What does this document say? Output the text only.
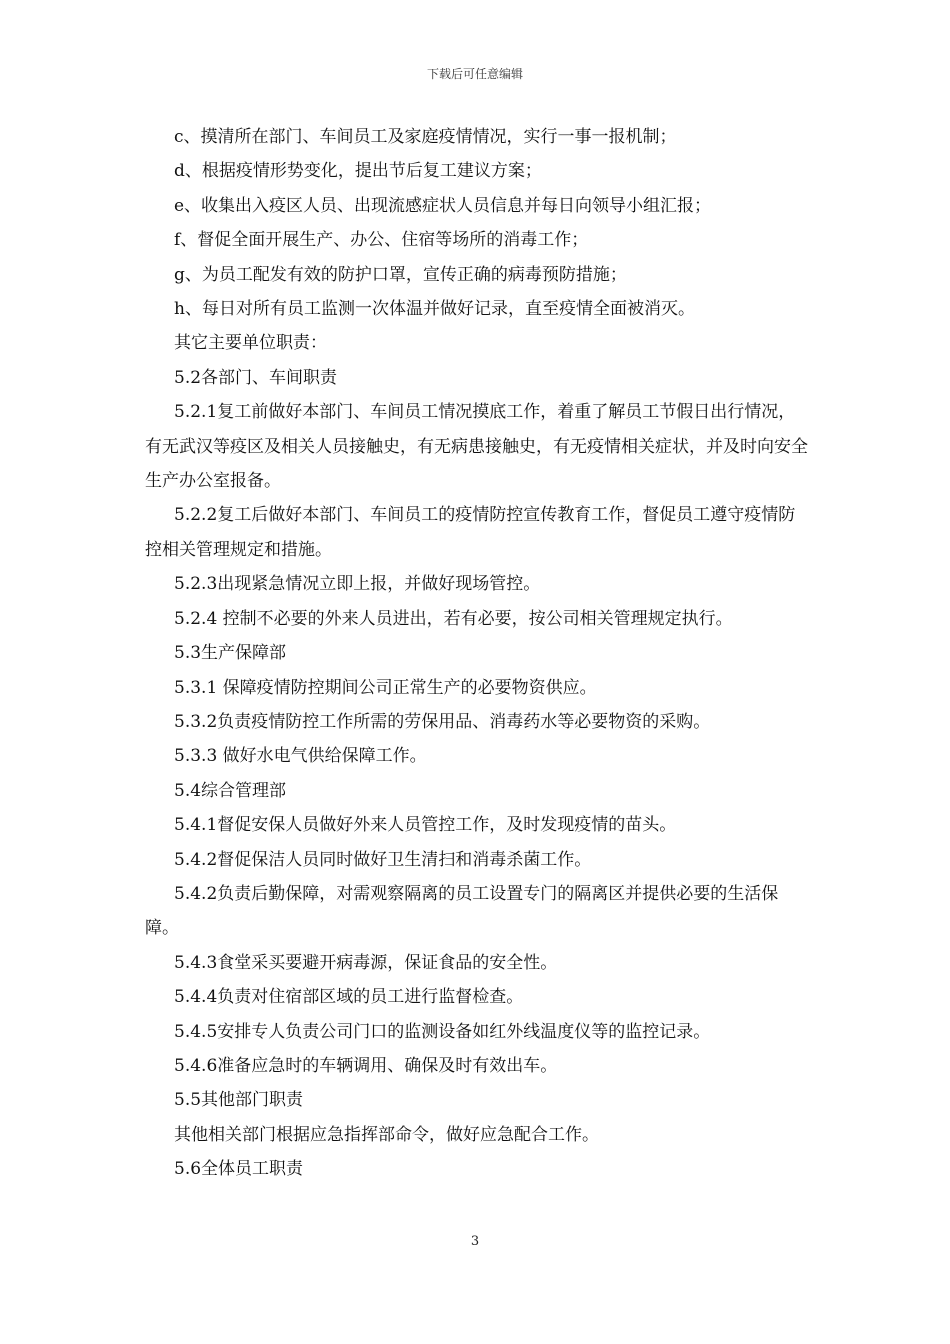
下载后可任意编辑

c、摸清所在部门、车间员工及家庭疫情情况，实行一事一报机制；

d、根据疫情形势变化，提出节后复工建议方案；

e、收集出入疫区人员、出现流感症状人员信息并每日向领导小组汇报；

f、督促全面开展生产、办公、住宿等场所的消毒工作；

g、为员工配发有效的防护口罩，宣传正确的病毒预防措施；

h、每日对所有员工监测一次体温并做好记录，直至疫情全面被消灭。

其它主要单位职责：

5.2各部门、车间职责

5.2.1复工前做好本部门、车间员工情况摸底工作，着重了解员工节假日出行情况，有无武汉等疫区及相关人员接触史，有无病患接触史，有无疫情相关症状，并及时向安全生产办公室报备。

5.2.2复工后做好本部门、车间员工的疫情防控宣传教育工作，督促员工遵守疫情防控相关管理规定和措施。

5.2.3出现紧急情况立即上报，并做好现场管控。

5.2.4 控制不必要的外来人员进出，若有必要，按公司相关管理规定执行。

5.3生产保障部

5.3.1 保障疫情防控期间公司正常生产的必要物资供应。

5.3.2负责疫情防控工作所需的劳保用品、消毒药水等必要物资的采购。

5.3.3 做好水电气供给保障工作。

5.4综合管理部

5.4.1督促安保人员做好外来人员管控工作，及时发现疫情的苗头。

5.4.2督促保洁人员同时做好卫生清扫和消毒杀菌工作。

5.4.2负责后勤保障，对需观察隔离的员工设置专门的隔离区并提供必要的生活保障。

5.4.3食堂采买要避开病毒源，保证食品的安全性。

5.4.4负责对住宿部区域的员工进行监督检查。

5.4.5安排专人负责公司门口的监测设备如红外线温度仪等的监控记录。

5.4.6准备应急时的车辆调用、确保及时有效出车。

5.5其他部门职责

其他相关部门根据应急指挥部命令，做好应急配合工作。

5.6全体员工职责

3
